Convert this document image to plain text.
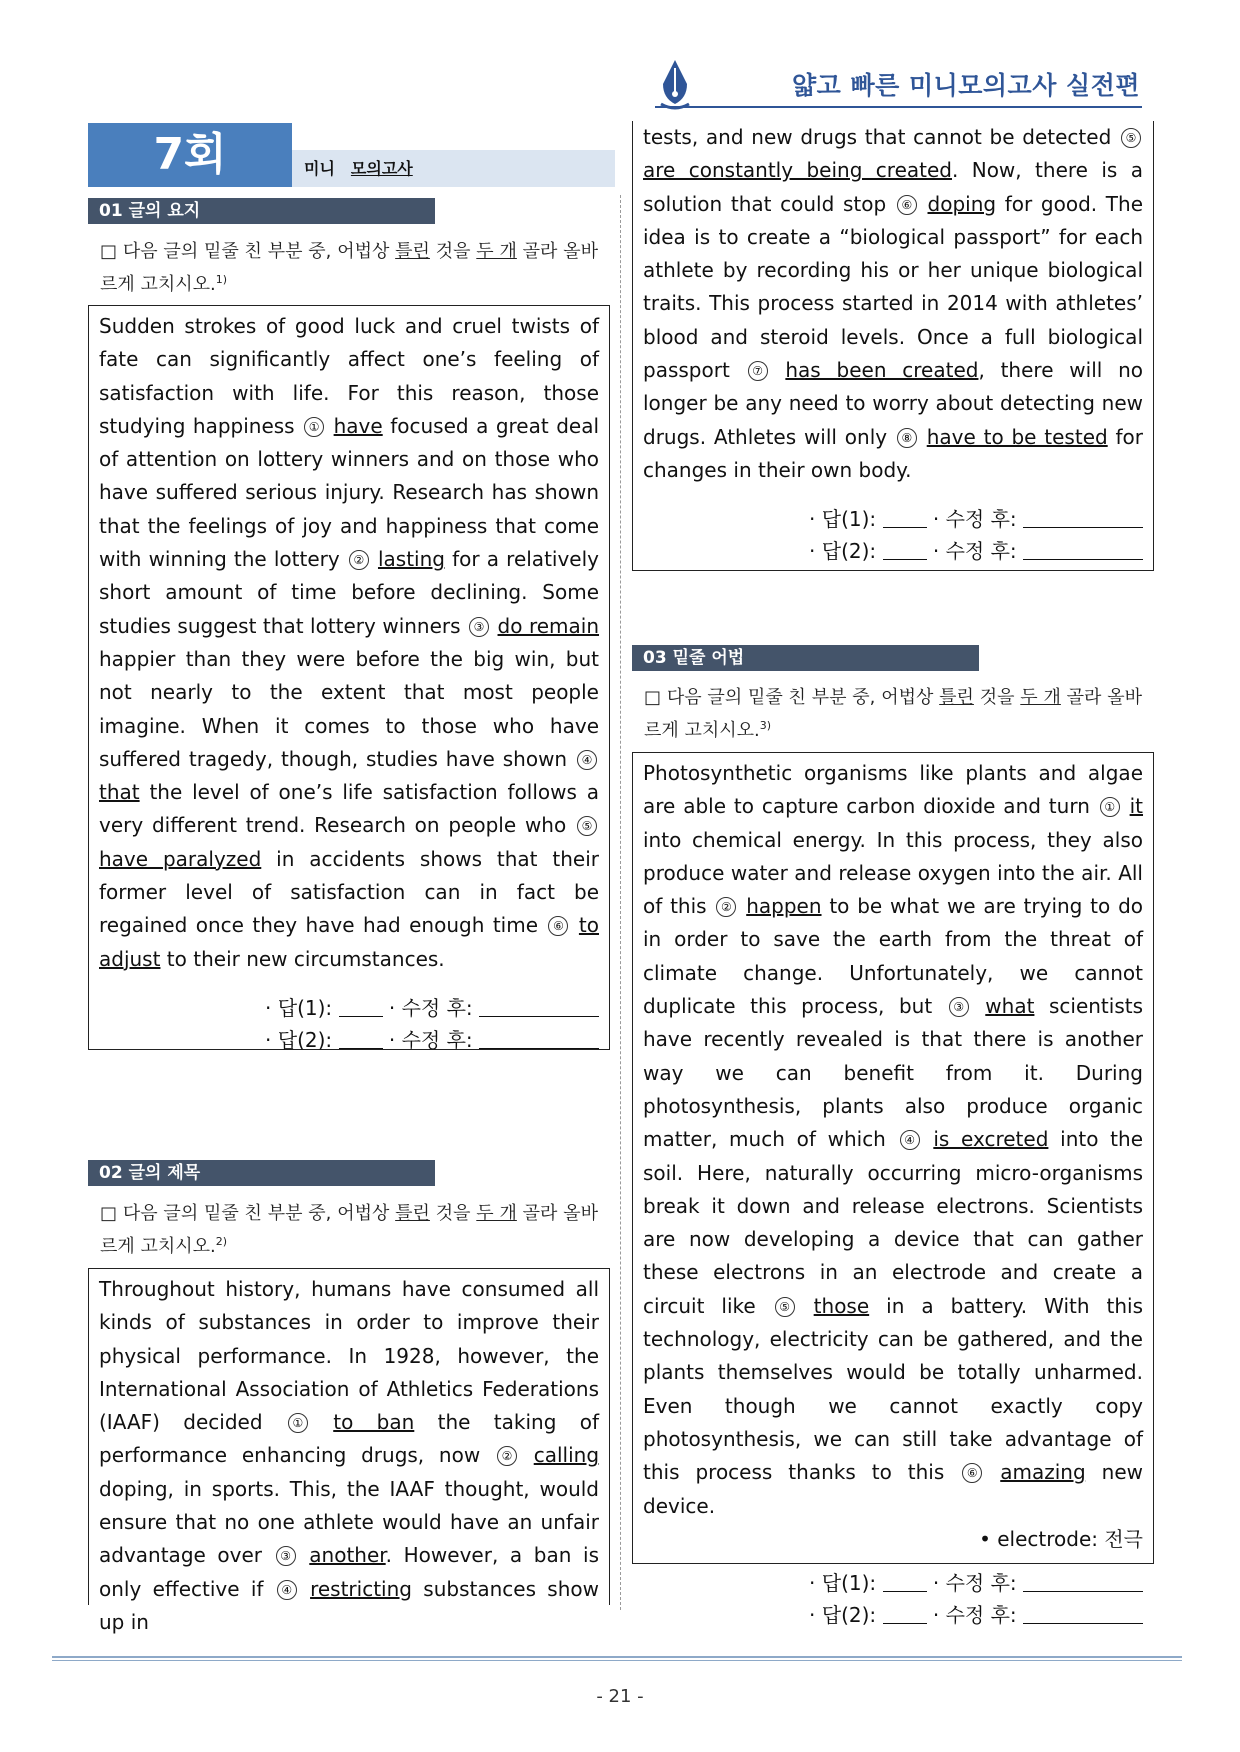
얇고 빠른 미니모의고사 실전편
7회	미니 모의고사
01 글의 요지
□ 다음 글의 밑줄 친 부분 중, 어법상 틀린 것을 두 개 골라 올바르게 고치시오.$^{1)}$

Sudden strokes of good luck and cruel twists of fate can significantly affect one’s feeling of satisfaction with life. For this reason, those studying happiness ① have focused a great deal of attention on lottery winners and on those who have suffered serious injury. Research has shown that the feelings of joy and happiness that come with winning the lottery ② lasting for a relatively short amount of time before declining. Some studies suggest that lottery winners ③ do remain happier than they were before the big win, but not nearly to the extent that most people imagine. When it comes to those who have suffered tragedy, though, studies have shown ④ that the level of one’s life satisfaction follows a very different trend. Research on people who ⑤ have paralyzed in accidents shows that their former level of satisfaction can in fact be regained once they have had enough time ⑥ to adjust to their new circumstances.

· 답(1):	· 수정 후:
· 답(2):	· 수정 후:
02 글의 제목
□ 다음 글의 밑줄 친 부분 중, 어법상 틀린 것을 두 개 골라 올바르게 고치시오.$^{2)}$

Throughout history, humans have consumed all kinds of substances in order to improve their physical performance. In 1928, however, the International Association of Athletics Federations (IAAF) decided ① to ban the taking of performance enhancing drugs, now ② calling doping, in sports. This, the IAAF thought, would ensure that no one athlete would have an unfair advantage over ③ another. However, a ban is only effective if ④ restricting substances show up in

tests, and new drugs that cannot be detected ⑤ are constantly being created. Now, there is a solution that could stop ⑥ doping for good. The idea is to create a “biological passport” for each athlete by recording his or her unique biological traits. This process started in 2014 with athletes’ blood and steroid levels. Once a full biological passport ⑦ has been created, there will no longer be any need to worry about detecting new drugs. Athletes will only ⑧ have to be tested for changes in their own body.

· 답(1):	· 수정 후:
· 답(2):	· 수정 후:
03 밑줄 어법
□ 다음 글의 밑줄 친 부분 중, 어법상 틀린 것을 두 개 골라 올바르게 고치시오.$^{3)}$

Photosynthetic organisms like plants and algae are able to capture carbon dioxide and turn ① it into chemical energy. In this process, they also produce water and release oxygen into the air. All of this ② happen to be what we are trying to do in order to save the earth from the threat of climate change. Unfortunately, we cannot duplicate this process, but ③ what scientists have recently revealed is that there is another way we can benefit from it. During photosynthesis, plants also produce organic matter, much of which ④ is excreted into the soil. Here, naturally occurring micro-organisms break it down and release electrons. Scientists are now developing a device that can gather these electrons in an electrode and create a circuit like ⑤ those in a battery. With this technology, electricity can be gathered, and the plants themselves would be totally unharmed. Even though we cannot exactly copy photosynthesis, we can still take advantage of this process thanks to this ⑥ amazing new device.

• electrode: 전극
· 답(1):	· 수정 후:
· 답(2):	· 수정 후:
- 21 -
